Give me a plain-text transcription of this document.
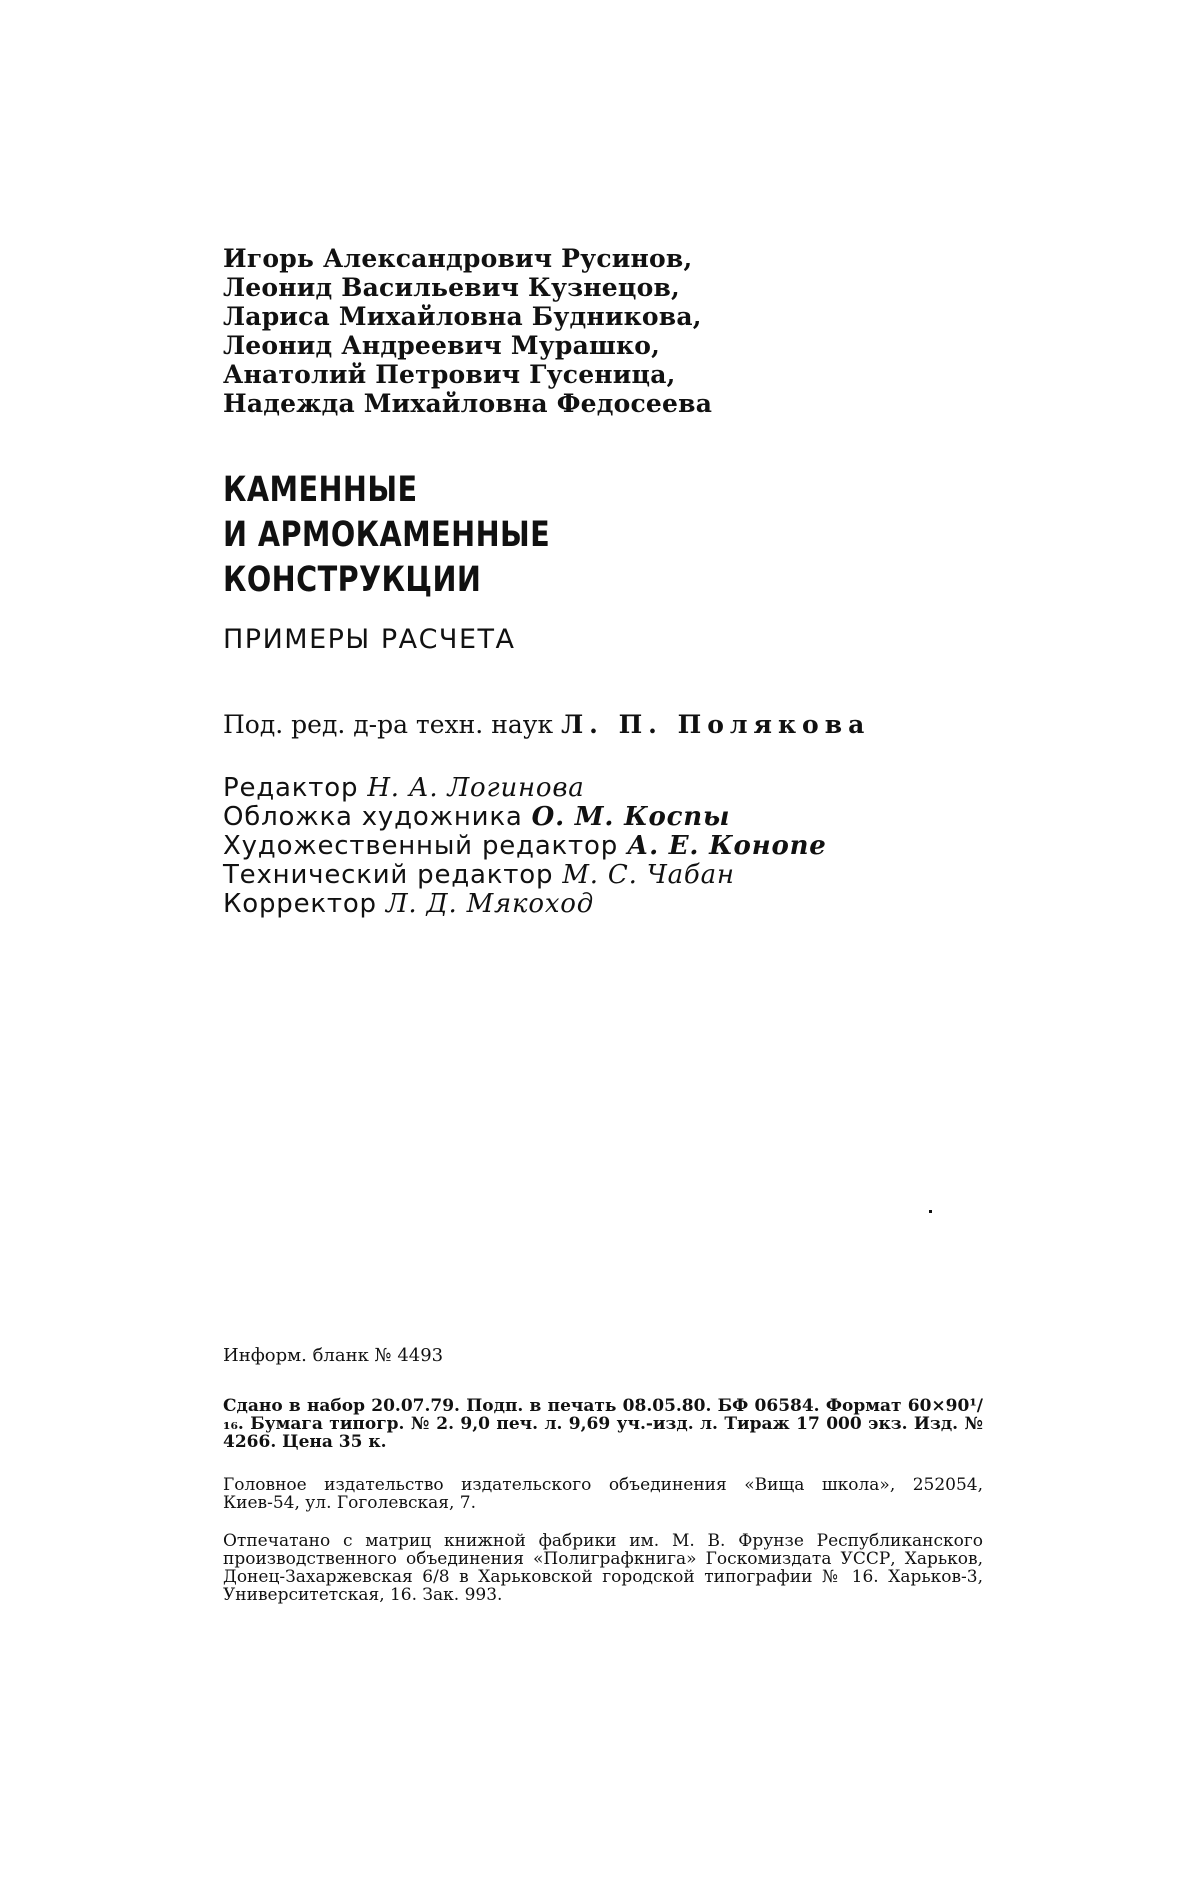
Игорь Александрович Русинов,
Леонид Васильевич Кузнецов,
Лариса Михайловна Будникова,
Леонид Андреевич Мурашко,
Анатолий Петрович Гусеница,
Надежда Михайловна Федосеева
КАМЕННЫЕ
И АРМОКАМЕННЫЕ
КОНСТРУКЦИИ
ПРИМЕРЫ РАСЧЕТА
Под. ред. д-ра техн. наук Л. П. Полякова
Редактор Н. А. Логинова
Обложка художника О. М. Коспы
Художественный редактор А. Е. Конопе
Технический редактор М. С. Чабан
Корректор Л. Д. Мякоход
Информ. бланк № 4493
Сдано в набор 20.07.79. Подп. в печать 08.05.80. БФ 06584. Формат 60×90¹/₁₆. Бумага типогр. № 2. 9,0 печ. л. 9,69 уч.-изд. л. Тираж 17 000 экз. Изд. № 4266. Цена 35 к.
Головное издательство издательского объединения «Вища школа», 252054, Киев-54, ул. Гоголевская, 7.
Отпечатано с матриц книжной фабрики им. М. В. Фрунзе Республиканского производственного объединения «Полиграфкнига» Госкомиздата УССР, Харьков, Донец-Захаржевская 6/8 в Харьковской городской типографии № 16. Харьков-3, Университетская, 16. Зак. 993.
